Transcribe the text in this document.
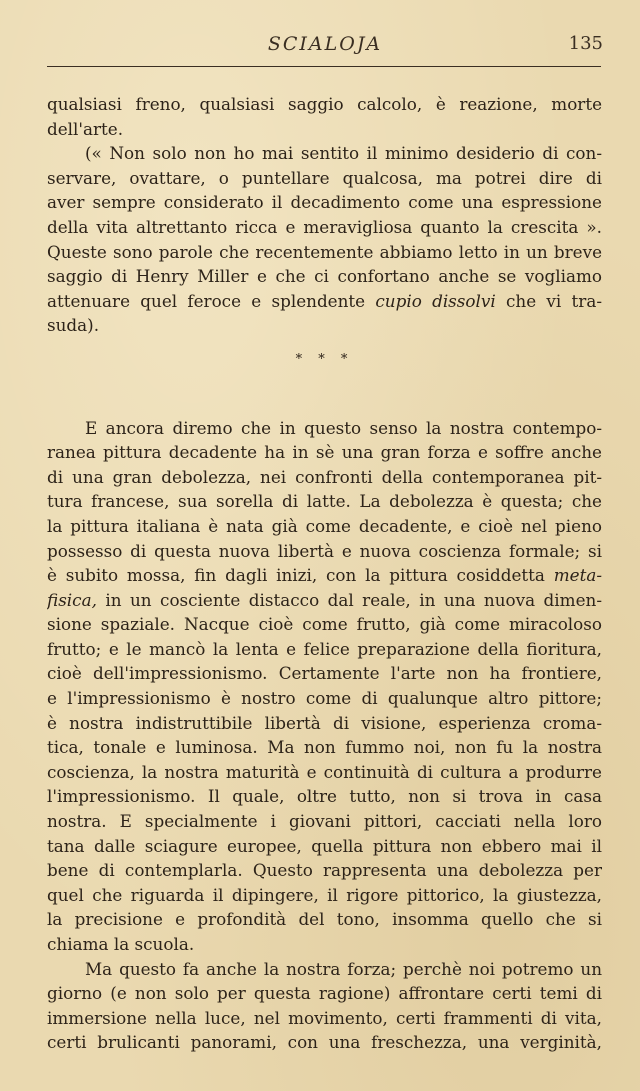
SCIALOJA	135
qualsiasi freno, qualsiasi saggio calcolo, è reazione, morte
dell'arte.
(« Non solo non ho mai sentito il minimo desiderio di con-
servare, ovattare, o puntellare qualcosa, ma potrei dire di
aver sempre considerato il decadimento come una espressione
della vita altrettanto ricca e meravigliosa quanto la crescita ».
Queste sono parole che recentemente abbiamo letto in un breve
saggio di Henry Miller e che ci confortano anche se vogliamo
attenuare quel feroce e splendente cupio dissolvi che vi tra-
suda).
* * *
E ancora diremo che in questo senso la nostra contempo-
ranea pittura decadente ha in sè una gran forza e soffre anche
di una gran debolezza, nei confronti della contemporanea pit-
tura francese, sua sorella di latte. La debolezza è questa; che
la pittura italiana è nata già come decadente, e cioè nel pieno
possesso di questa nuova libertà e nuova coscienza formale; si
è subito mossa, fin dagli inizi, con la pittura cosiddetta meta-
fisica, in un cosciente distacco dal reale, in una nuova dimen-
sione spaziale. Nacque cioè come frutto, già come miracoloso
frutto; e le mancò la lenta e felice preparazione della fioritura,
cioè dell'impressionismo. Certamente l'arte non ha frontiere,
e l'impressionismo è nostro come di qualunque altro pittore;
è nostra indistruttibile libertà di visione, esperienza croma-
tica, tonale e luminosa. Ma non fummo noi, non fu la nostra
coscienza, la nostra maturità e continuità di cultura a produrre
l'impressionismo. Il quale, oltre tutto, non si trova in casa
nostra. E specialmente i giovani pittori, cacciati nella loro
tana dalle sciagure europee, quella pittura non ebbero mai il
bene di contemplarla. Questo rappresenta una debolezza per
quel che riguarda il dipingere, il rigore pittorico, la giustezza,
la precisione e profondità del tono, insomma quello che si
chiama la scuola.
Ma questo fa anche la nostra forza; perchè noi potremo un
giorno (e non solo per questa ragione) affrontare certi temi di
immersione nella luce, nel movimento, certi frammenti di vita,
certi brulicanti panorami, con una freschezza, una verginità,
